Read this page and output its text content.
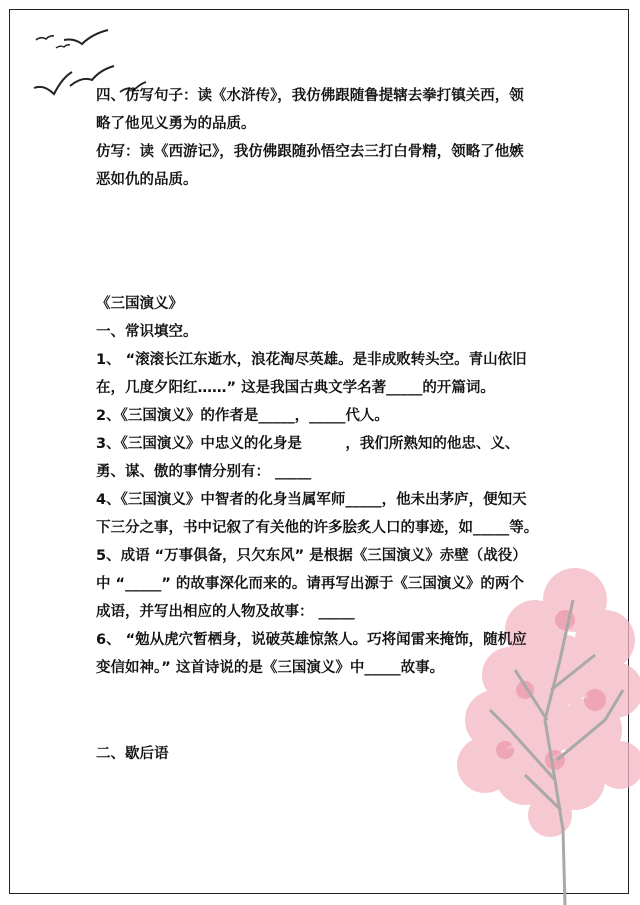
四、仿写句子：读《水浒传》，我仿佛跟随鲁提辖去拳打镇关西，领

略了他见义勇为的品质。

仿写：读《西游记》，我仿佛跟随孙悟空去三打白骨精，领略了他嫉

恶如仇的品质。

《三国演义》

一、常识填空。

1、 “滚滚长江东逝水，浪花淘尽英雄。是非成败转头空。青山依旧

在，几度夕阳红……” 这是我国古典文学名著_____的开篇词。

2、《三国演义》的作者是_____，_____代人。

3、《三国演义》中忠义的化身是　　　，我们所熟知的他忠、义、

勇、谋、傲的事情分别有： _____

4、《三国演义》中智者的化身当属军师_____，他未出茅庐，便知天

下三分之事，书中记叙了有关他的许多脍炙人口的事迹，如_____等。

5、成语 “万事俱备，只欠东风” 是根据《三国演义》赤壁（战役）

中 “_____” 的故事深化而来的。请再写出源于《三国演义》的两个

成语，并写出相应的人物及故事： _____

6、 “勉从虎穴暂栖身，说破英雄惊煞人。巧将闻雷来掩饰，随机应

变信如神。” 这首诗说的是《三国演义》中_____故事。

二、歇后语
